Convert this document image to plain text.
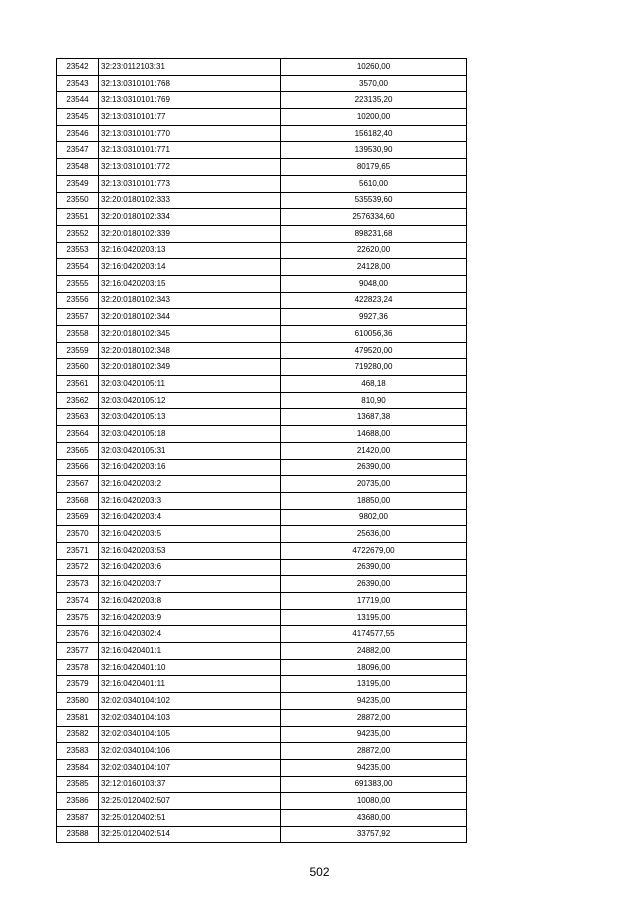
23542	32:23:0112103:31	10260,00
23543	32:13:0310101:768	3570,00
23544	32:13:0310101:769	223135,20
23545	32:13:0310101:77	10200,00
23546	32:13:0310101:770	156182,40
23547	32:13:0310101:771	139530,90
23548	32:13:0310101:772	80179,65
23549	32:13:0310101:773	5610,00
23550	32:20:0180102:333	535539,60
23551	32:20:0180102:334	2576334,60
23552	32:20:0180102:339	898231,68
23553	32:16:0420203:13	22620,00
23554	32:16:0420203:14	24128,00
23555	32:16:0420203:15	9048,00
23556	32:20:0180102:343	422823,24
23557	32:20:0180102:344	9927,36
23558	32:20:0180102:345	610056,36
23559	32:20:0180102:348	479520,00
23560	32:20:0180102:349	719280,00
23561	32:03:0420105:11	468,18
23562	32:03:0420105:12	810,90
23563	32:03:0420105:13	13687,38
23564	32:03:0420105:18	14688,00
23565	32:03:0420105:31	21420,00
23566	32:16:0420203:16	26390,00
23567	32:16:0420203:2	20735,00
23568	32:16:0420203:3	18850,00
23569	32:16:0420203:4	9802,00
23570	32:16:0420203:5	25636,00
23571	32:16:0420203:53	4722679,00
23572	32:16:0420203:6	26390,00
23573	32:16:0420203:7	26390,00
23574	32:16:0420203:8	17719,00
23575	32:16:0420203:9	13195,00
23576	32:16:0420302:4	4174577,55
23577	32:16:0420401:1	24882,00
23578	32:16:0420401:10	18096,00
23579	32:16:0420401:11	13195,00
23580	32:02:0340104:102	94235,00
23581	32:02:0340104:103	28872,00
23582	32:02:0340104:105	94235,00
23583	32:02:0340104:106	28872,00
23584	32:02:0340104:107	94235,00
23585	32:12:0160103:37	691383,00
23586	32:25:0120402:507	10080,00
23587	32:25:0120402:51	43680,00
23588	32:25:0120402:514	33757,92
502
